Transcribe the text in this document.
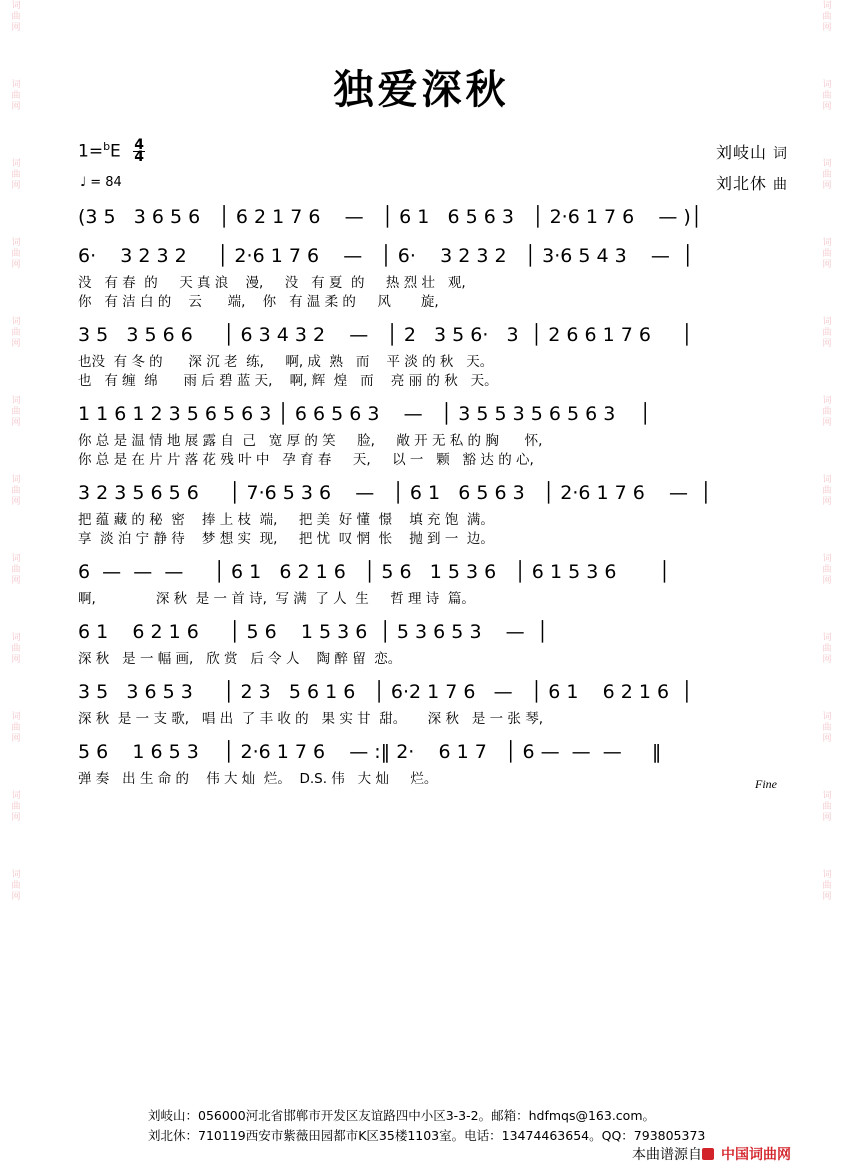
词
曲
网
词
曲
网
词
曲
网
词
曲
网
词
曲
网
词
曲
网
词
曲
网
词
曲
网
词
曲
网
词
曲
网
词
曲
网
词
曲
网
词
曲
网
词
曲
网
词
曲
网
词
曲
网
词
曲
网
词
曲
网
词
曲
网
词
曲
网
词
曲
网
词
曲
网
词
曲
网
词
曲
网
独爱深秋
刘岐山 词
刘北休 曲
$1=^bE \frac{4}{4}$
♩ = 84
(3 5   3 6 5 6   │ 6 2 1 7 6    —   │ 6 1   6 5 6 3   │ 2·6 1 7 6    — )│
6·    3 2 3 2     │ 2·6 1 7 6    —   │ 6·    3 2 3 2   │ 3·6 5 4 3    —  │
没   有 春  的     天 真 浪    漫,     没   有 夏  的     热 烈 壮   观,
你   有 洁 白 的    云      端,    你   有 温 柔 的     风       旋,
3 5   3 5 6 6     │ 6 3 4 3 2    —   │ 2   3 5 6·   3  │ 2 6 6 1 7 6     │
也没  有 冬 的      深 沉 老  练,     啊, 成  熟   而    平 淡 的 秋   天。
也   有 缠  绵      雨 后 碧 蓝 天,    啊, 辉  煌   而    亮 丽 的 秋   天。
1 1 6 1 2 3 5 6 5 6 3 │ 6 6 5 6 3    —   │ 3 5 5 3 5 6 5 6 3    │
你 总 是 温 情 地 展 露 自  己   宽 厚 的 笑     脸,     敞 开 无 私 的 胸      怀,
你 总 是 在 片 片 落 花 残 叶 中   孕 育 春     天,     以 一   颗   豁 达 的 心,
3 2 3 5 6 5 6     │ 7·6 5 3 6    —   │ 6 1   6 5 6 3   │ 2·6 1 7 6    —  │
把 蕴 藏 的 秘  密    捧 上 枝  端,     把 美  好 懂  憬    填 充 饱  满。
享  淡 泊 宁 静 待    梦 想 实  现,     把 忧  叹 惘  怅    抛 到 一  边。
6  —  —  —     │ 6 1   6 2 1 6   │ 5 6   1 5 3 6   │ 6 1 5 3 6       │
啊,              深 秋  是 一 首 诗,  写 满  了 人  生     哲 理 诗  篇。
6 1    6 2 1 6     │ 5 6    1 5 3 6  │ 5 3 6 5 3    —  │
深 秋   是 一 幅 画,   欣 赏   后 令 人    陶 醉 留  恋。
3 5   3 6 5 3     │ 2 3   5 6 1 6   │ 6·2 1 7 6   —   │ 6 1    6 2 1 6  │
深 秋  是 一 支 歌,   唱 出  了 丰 收 的   果 实 甘  甜。     深 秋   是 一 张 琴,
5 6    1 6 5 3    │ 2·6 1 7 6    — :‖ 2·    6 1 7   │ 6 —  —  —     ‖
弹 奏   出 生 命 的    伟 大 灿  烂。  D.S. 伟   大 灿     烂。	Fine
刘岐山：056000河北省邯郸市开发区友谊路四中小区3-3-2。邮箱：hdfmqs@163.com。
刘北休：710119西安市紫薇田园都市K区35楼1103室。电话：13474463654。QQ：793805373
本曲谱源自 中国词曲网
